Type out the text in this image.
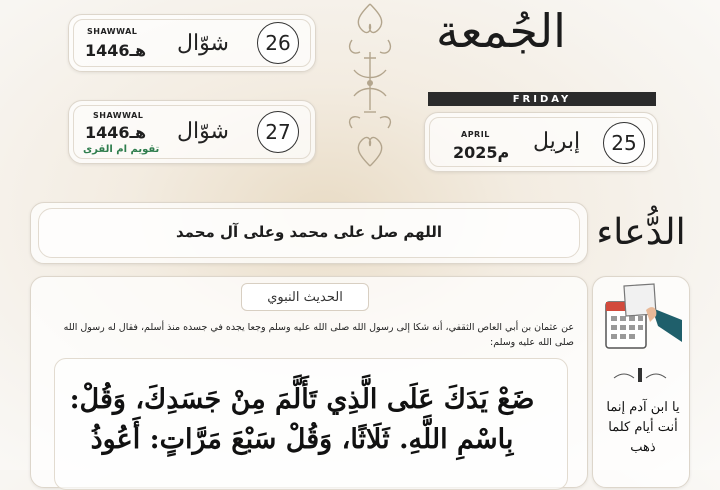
SHAWWAL
1446هـ شوّال	26
SHAWWAL
1446هـ
تقويم ام القرى
شوّال	27
الجُمعة
FRIDAY
APRIL
2025م إبريل	25
اللهم صل على محمد وعلى آل محمد	الدُّعاء
الحديث النبوي
عن عثمان بن أبي العاص الثقفي، أنه شكا إلى رسول الله صلى الله عليه وسلم وجعا يجده في جسده منذ أسلم، فقال له رسول الله صلى الله عليه وسلم:
ضَعْ يَدَكَ عَلَى الَّذِي تَأَلَّمَ مِنْ جَسَدِكَ، وَقُلْ: بِاسْمِ اللَّهِ. ثَلَاثًا، وَقُلْ سَبْعَ مَرَّاتٍ: أَعُوذُ
يا ابن آدم إنما أنت أيام كلما ذهب
